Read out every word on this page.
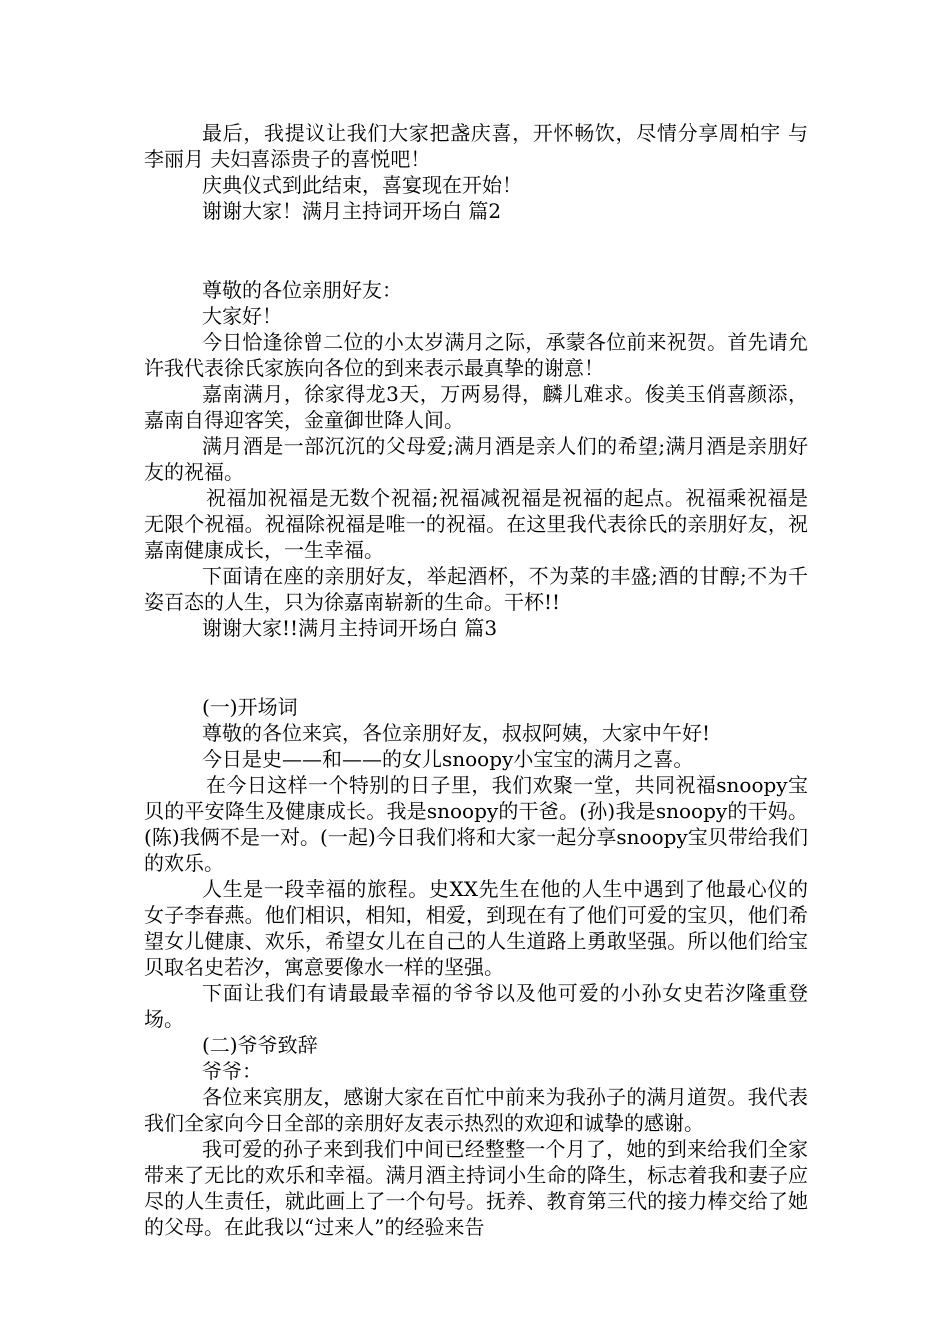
最后，我提议让我们大家把盏庆喜，开怀畅饮，尽情分享周柏宇 与 李丽月 夫妇喜添贵子的喜悦吧！

庆典仪式到此结束，喜宴现在开始！

谢谢大家！满月主持词开场白 篇2

尊敬的各位亲朋好友：

大家好！

今日恰逢徐曾二位的小太岁满月之际，承蒙各位前来祝贺。首先请允许我代表徐氏家族向各位的到来表示最真挚的谢意！

嘉南满月，徐家得龙3天，万两易得，麟儿难求。俊美玉俏喜颜添，嘉南自得迎客笑，金童御世降人间。

满月酒是一部沉沉的父母爱;满月酒是亲人们的希望;满月酒是亲朋好友的祝福。

祝福加祝福是无数个祝福;祝福减祝福是祝福的起点。祝福乘祝福是无限个祝福。祝福除祝福是唯一的祝福。在这里我代表徐氏的亲朋好友，祝嘉南健康成长，一生幸福。

下面请在座的亲朋好友，举起酒杯，不为菜的丰盛;酒的甘醇;不为千姿百态的人生，只为徐嘉南崭新的生命。干杯!!

谢谢大家!!满月主持词开场白 篇3

(一)开场词

尊敬的各位来宾，各位亲朋好友，叔叔阿姨，大家中午好!

今日是史——和——的女儿snoopy小宝宝的满月之喜。

在今日这样一个特别的日子里，我们欢聚一堂，共同祝福snoopy宝贝的平安降生及健康成长。我是snoopy的干爸。(孙)我是snoopy的干妈。(陈)我俩不是一对。(一起)今日我们将和大家一起分享snoopy宝贝带给我们的欢乐。

人生是一段幸福的旅程。史XX先生在他的人生中遇到了他最心仪的女子李春燕。他们相识，相知，相爱，到现在有了他们可爱的宝贝，他们希望女儿健康、欢乐，希望女儿在自己的人生道路上勇敢坚强。所以他们给宝贝取名史若汐，寓意要像水一样的坚强。

下面让我们有请最最幸福的爷爷以及他可爱的小孙女史若汐隆重登场。

(二)爷爷致辞

爷爷：

各位来宾朋友，感谢大家在百忙中前来为我孙子的满月道贺。我代表我们全家向今日全部的亲朋好友表示热烈的欢迎和诚挚的感谢。

我可爱的孙子来到我们中间已经整整一个月了，她的到来给我们全家带来了无比的欢乐和幸福。满月酒主持词小生命的降生，标志着我和妻子应尽的人生责任，就此画上了一个句号。抚养、教育第三代的接力棒交给了她的父母。在此我以“过来人”的经验来告
